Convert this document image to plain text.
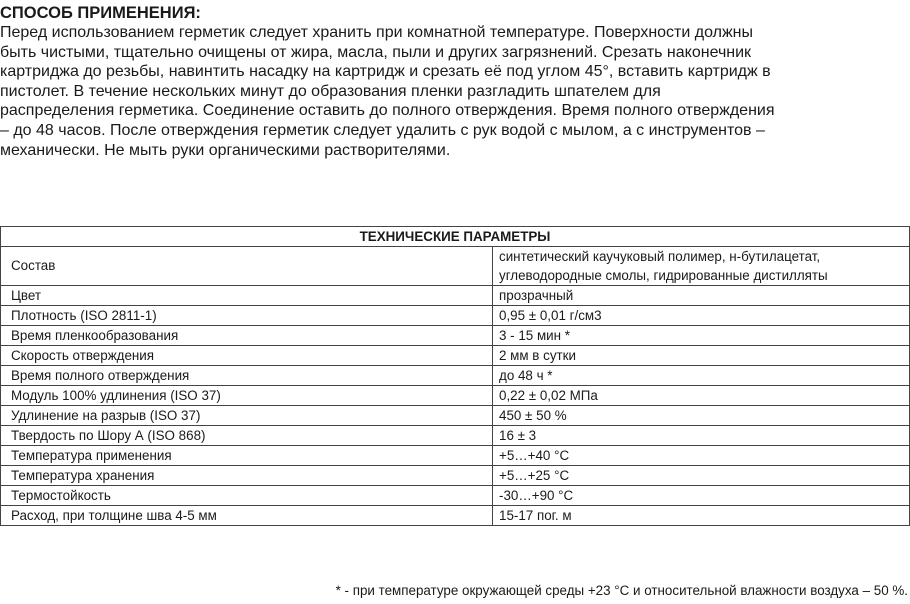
СПОСОБ ПРИМЕНЕНИЯ:

Перед использованием герметик следует хранить при комнатной температуре. Поверхности должны

быть чистыми, тщательно очищены от жира, масла, пыли и других загрязнений. Срезать наконечник

картриджа до резьбы, навинтить насадку на картридж и срезать её под углом 45°, вставить картридж в

пистолет. В течение нескольких минут до образования пленки разгладить шпателем для

распределения герметика. Соединение оставить до полного отверждения. Время полного отверждения

– до 48 часов. После отверждения герметик следует удалить с рук водой с мылом, а с инструментов –

механически. Не мыть руки органическими растворителями.

ТЕХНИЧЕСКИЕ ПАРАМЕТРЫ	
Состав	синтетический каучуковый полимер, н-бутилацетат,
углеводородные смолы, гидрированные дистилляты
Цвет	прозрачный
Плотность (ISO 2811-1)	0,95 ± 0,01 г/см3
Время пленкообразования	3 - 15 мин *
Скорость отверждения	2 мм в сутки
Время полного отверждения	до 48 ч *
Модуль 100% удлинения (ISO 37)	0,22 ± 0,02 МПа
Удлинение на разрыв (ISO 37)	450 ± 50 %
Твердость по Шору А (ISO 868)	16 ± 3
Температура применения	+5…+40 °С
Температура хранения	+5…+25 °С
Термостойкость	-30…+90 °С
Расход, при толщине шва 4-5 мм	15-17 пог. м

* - при температуре окружающей среды +23 °С и относительной влажности воздуха – 50 %.
